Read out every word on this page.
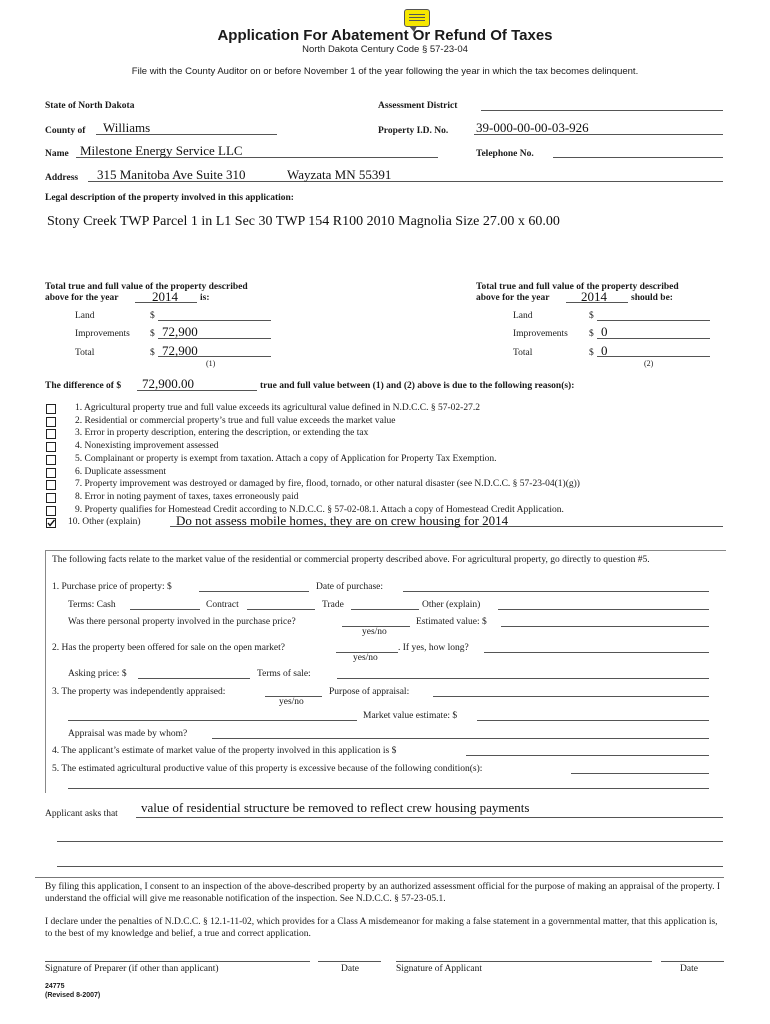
Application For Abatement Or Refund Of Taxes
North Dakota Century Code § 57-23-04
File with the County Auditor on or before November 1 of the year following the year in which the tax becomes delinquent.
State of North Dakota	Assessment District
County of Williams	Property I.D. No. 39-000-00-00-03-926
Name Milestone Energy Service LLC	Telephone No.
Address 315 Manitoba Ave Suite 310	Wayzata MN 55391
Legal description of the property involved in this application:
Stony Creek TWP Parcel 1 in L1 Sec 30 TWP 154 R100 2010 Magnolia Size 27.00 x 60.00
Total true and full value of the property described
above for the year	2014 is:
Land	$
Improvements $ 72,900
Total	$ 72,900
(1)
Total true and full value of the property described
above for the year 2014	should be:
Land	$
Improvements $ 0
Total	$ 0
(2)
The difference of $ 72,900.00	true and full value between (1) and (2) above is due to the following reason(s):
1. Agricultural property true and full value exceeds its agricultural value defined in N.D.C.C. § 57-02-27.2
2. Residential or commercial property’s true and full value exceeds the market value
3. Error in property description, entering the description, or extending the tax
4. Nonexisting improvement assessed
5. Complainant or property is exempt from taxation. Attach a copy of Application for Property Tax Exemption.
6. Duplicate assessment
7. Property improvement was destroyed or damaged by fire, flood, tornado, or other natural disaster (see N.D.C.C. § 57-23-04(1)(g))
8. Error in noting payment of taxes, taxes erroneously paid
9. Property qualifies for Homestead Credit according to N.D.C.C. § 57-02-08.1. Attach a copy of Homestead Credit Application.
10. Other (explain)	Do not assess mobile homes, they are on crew housing for 2014
The following facts relate to the market value of the residential or commercial property described above. For agricultural property, go directly to question #5.
1. Purchase price of property: $	Date of purchase:
Terms: Cash	Contract	Trade	Other (explain)
Was there personal property involved in the purchase price?	Estimated value: $
yes/no
2. Has the property been offered for sale on the open market?	. If yes, how long?
yes/no
Asking price: $	Terms of sale:
3. The property was independently appraised:	Purpose of appraisal:
yes/no
Market value estimate: $
Appraisal was made by whom?
4. The applicant’s estimate of market value of the property involved in this application is $
5. The estimated agricultural productive value of this property is excessive because of the following condition(s):
Applicant asks that value of residential structure be removed to reflect crew housing payments
By filing this application, I consent to an inspection of the above-described property by an authorized assessment official for the purpose of making an appraisal of the property. I understand the official will give me reasonable notification of the inspection. See N.D.C.C. § 57-23-05.1.
I declare under the penalties of N.D.C.C. § 12.1-11-02, which provides for a Class A misdemeanor for making a false statement in a governmental matter, that this application is, to the best of my knowledge and belief, a true and correct application.
Signature of Preparer (if other than applicant)	Date	Signature of Applicant	Date
24775
(Revised 8-2007)
